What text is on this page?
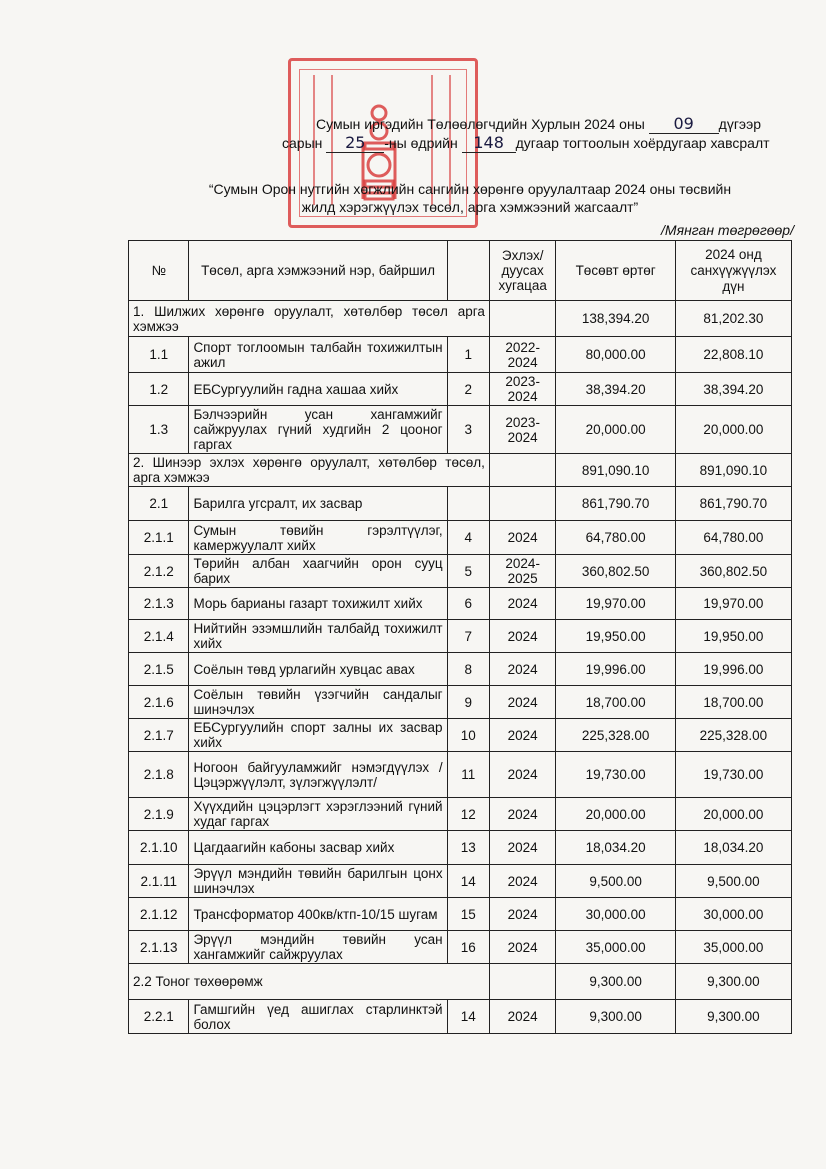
Сумын иргэдийн Төлөөлөгчдийн Хурлын 2024 оны 09 дүгээр
сарын 25 -ны өдрийн 148 дугаар тогтоолын хоёрдугаар хавсралт
“Сумын Орон нутгийн хөгжлийн сангийн хөрөнгө оруулалтаар 2024 оны төсвийн
жилд хэрэгжүүлэх төсөл, арга хэмжээний жагсаалт”
/Мянган төгрөгөөр/
№	Төсөл, арга хэмжээний нэр, байршил		Эхлэх/ дуусах хугацаа	Төсөвт өртөг	2024 онд санхүүжүүлэх дүн
1. Шилжих хөрөнгө оруулалт, хөтөлбөр төсөл арга хэмжээ				138,394.20	81,202.30
1.1	Спорт тоглоомын талбайн тохижилтын ажил	1	2022-2024	80,000.00	22,808.10
1.2	ЕБСургуулийн гадна хашаа хийх	2	2023-2024	38,394.20	38,394.20
1.3	Бэлчээрийн усан хангамжийг сайжруулах гүний худгийн 2 цооног гаргах	3	2023-2024	20,000.00	20,000.00
2. Шинээр эхлэх хөрөнгө оруулалт, хөтөлбөр төсөл, арга хэмжээ				891,090.10	891,090.10
2.1	Барилга угсралт, их засвар			861,790.70	861,790.70
2.1.1	Сумын төвийн гэрэлтүүлэг, камержуулалт хийх	4	2024	64,780.00	64,780.00
2.1.2	Төрийн албан хаагчийн орон сууц барих	5	2024-2025	360,802.50	360,802.50
2.1.3	Морь барианы газарт тохижилт хийх	6	2024	19,970.00	19,970.00
2.1.4	Нийтийн эзэмшлийн талбайд тохижилт хийх	7	2024	19,950.00	19,950.00
2.1.5	Соёлын төвд урлагийн хувцас авах	8	2024	19,996.00	19,996.00
2.1.6	Соёлын төвийн үзэгчийн сандалыг шинэчлэх	9	2024	18,700.00	18,700.00
2.1.7	ЕБСургуулийн спорт залны их засвар хийх	10	2024	225,328.00	225,328.00
2.1.8	Ногоон байгууламжийг нэмэгдүүлэх /Цэцэржүүлэлт, зүлэгжүүлэлт/	11	2024	19,730.00	19,730.00
2.1.9	Хүүхдийн цэцэрлэгт хэрэглээний гүний худаг гаргах	12	2024	20,000.00	20,000.00
2.1.10	Цагдаагийн кабоны засвар хийх	13	2024	18,034.20	18,034.20
2.1.11	Эрүүл мэндийн төвийн барилгын цонх шинэчлэх	14	2024	9,500.00	9,500.00
2.1.12	Трансформатор 400кв/ктп-10/15 шугам	15	2024	30,000.00	30,000.00
2.1.13	Эрүүл мэндийн төвийн усан хангамжийг сайжруулах	16	2024	35,000.00	35,000.00
2.2 Тоног төхөөрөмж				9,300.00	9,300.00
2.2.1	Гамшгийн үед ашиглах старлинктэй болох	14	2024	9,300.00	9,300.00
